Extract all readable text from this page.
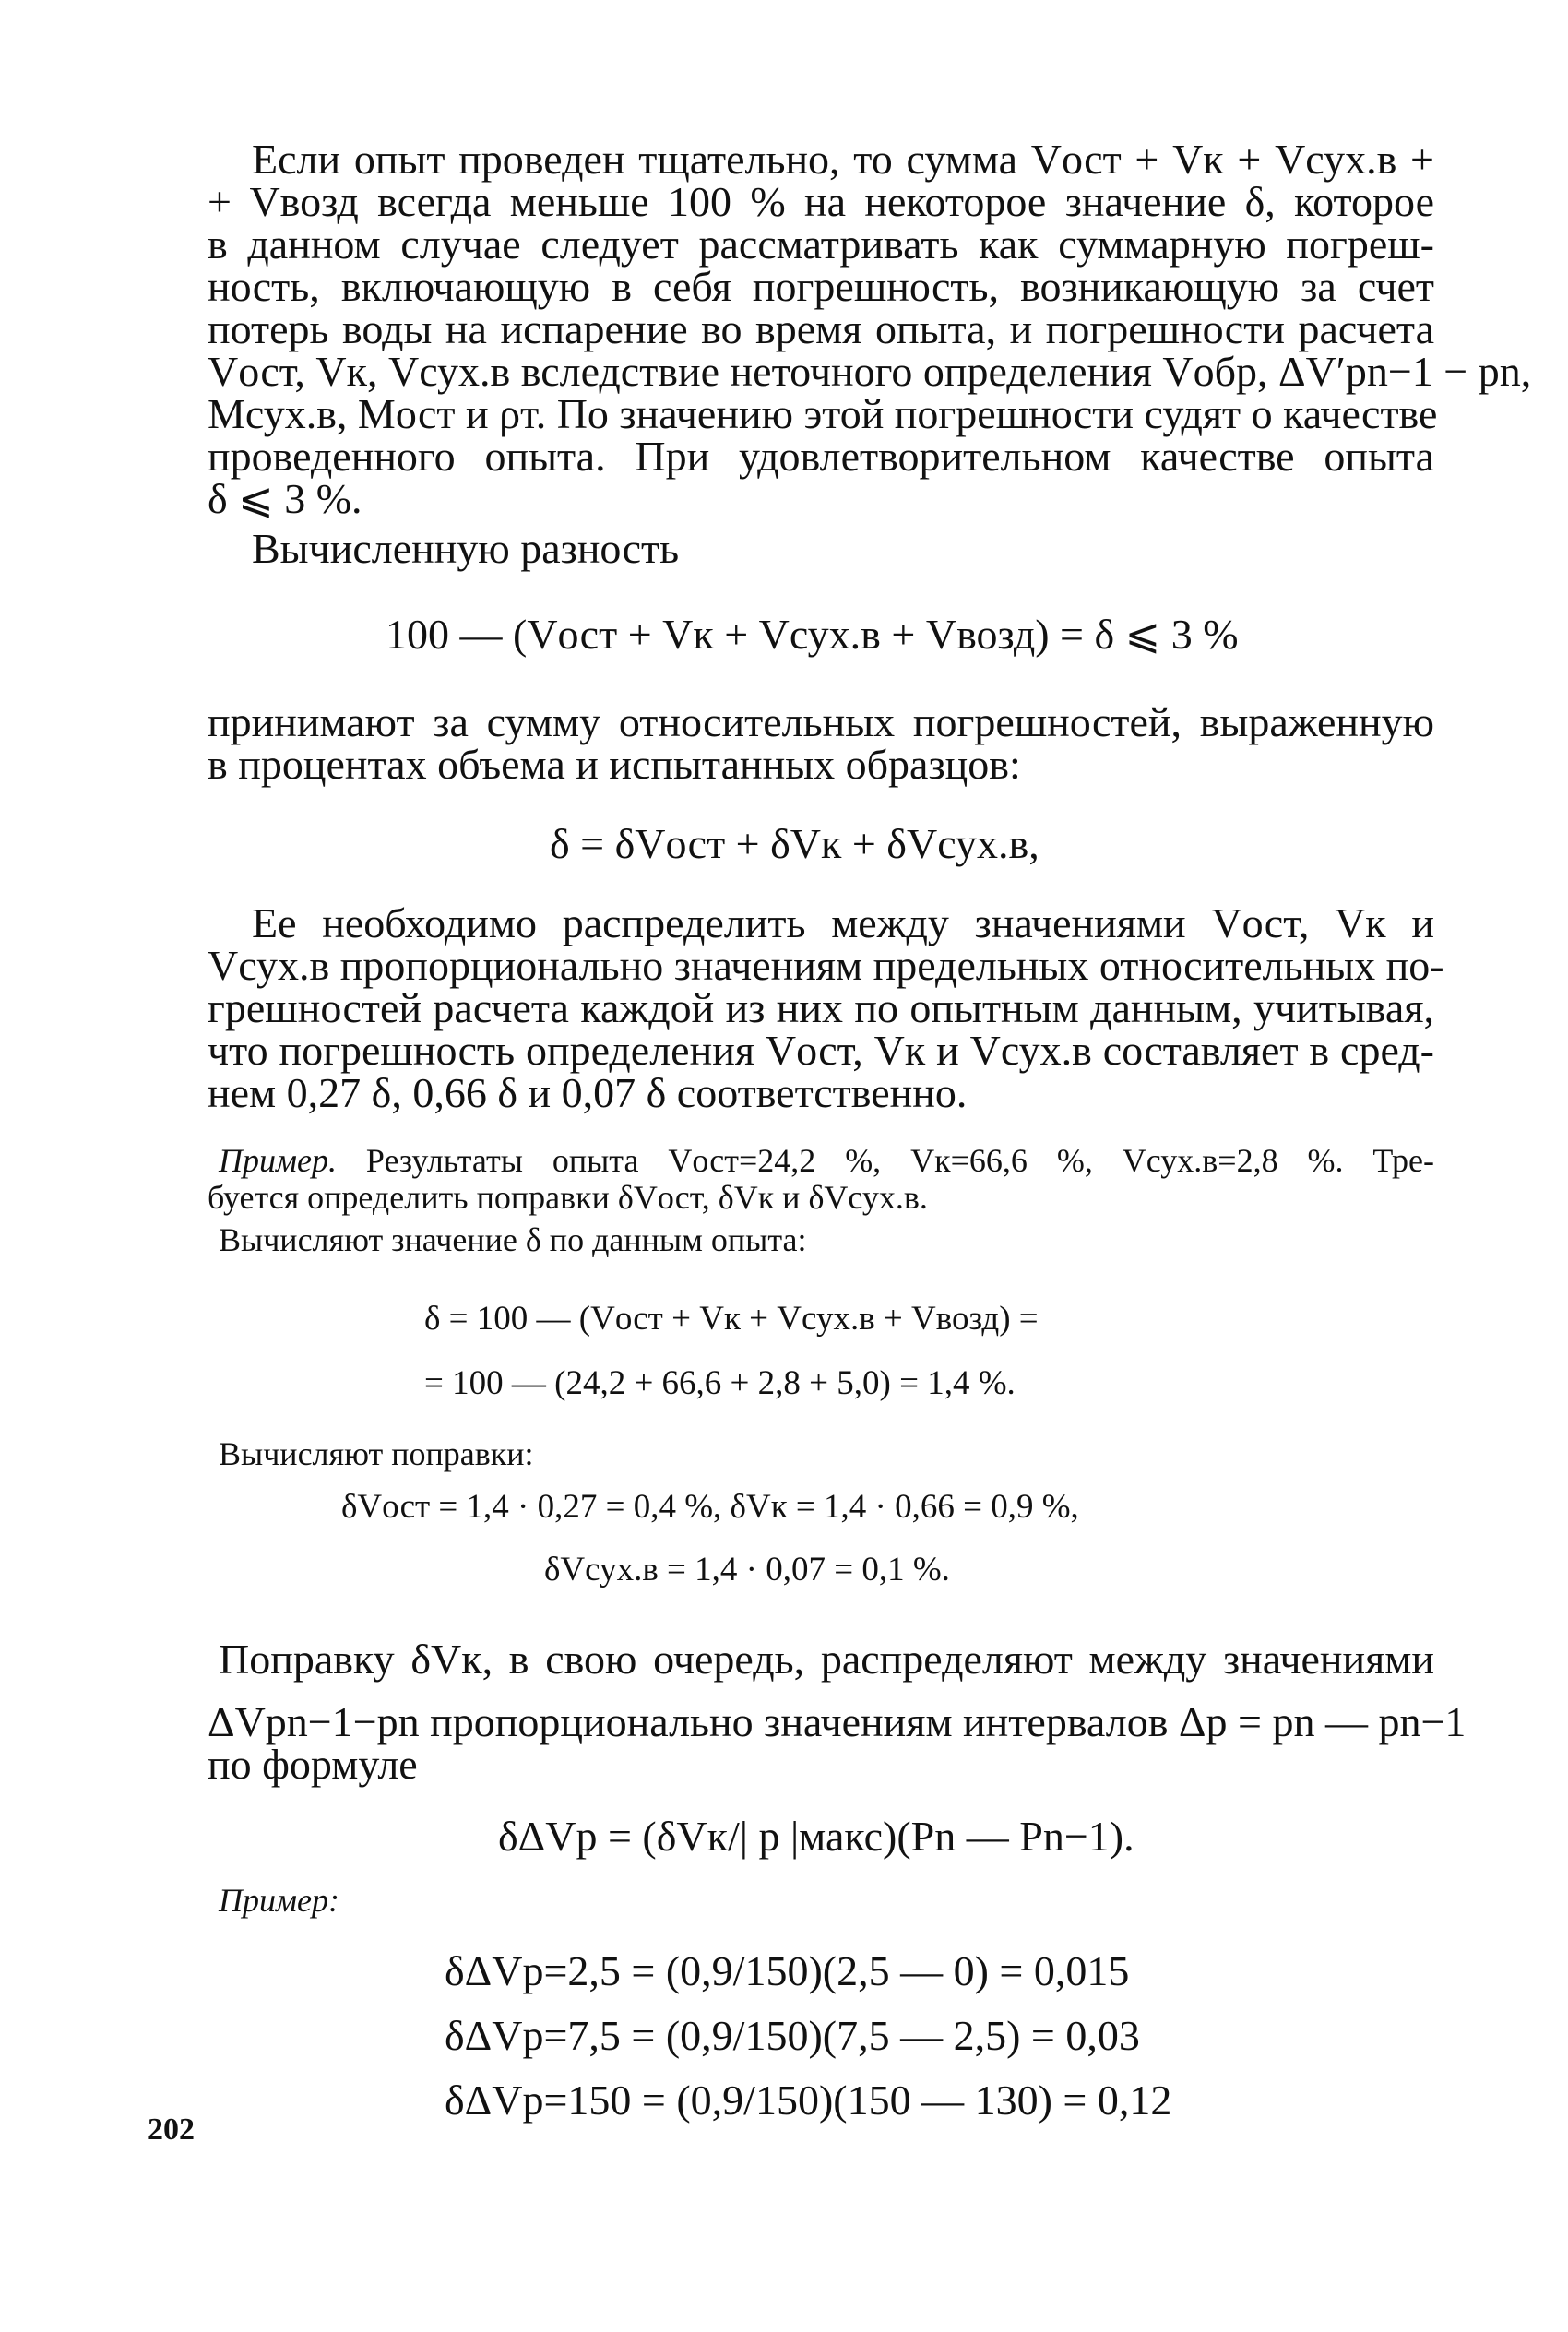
Если опыт проведен тщательно, то сумма Vост + Vк + Vсух.в +
+ Vвозд всегда меньше 100 % на некоторое значение δ, которое
в данном случае следует рассматривать как суммарную погреш-
ность, включающую в себя погрешность, возникающую за счет
потерь воды на испарение во время опыта, и погрешности расчета
Vост, Vк, Vсух.в вследствие неточного определения Vобр, ΔV′pn−1 − pn,
Mсух.в, Mост и ρт. По значению этой погрешности судят о качестве
проведенного опыта. При удовлетворительном качестве опыта
δ ⩽ 3 %.
Вычисленную разность
100 — (Vост + Vк + Vсух.в + Vвозд) = δ ⩽ 3 %
принимают за сумму относительных погрешностей, выраженную
в процентах объема и испытанных образцов:
δ = δVост + δVк + δVсух.в,
Ее необходимо распределить между значениями Vост, Vк и
Vсух.в пропорционально значениям предельных относительных по-
грешностей расчета каждой из них по опытным данным, учитывая,
что погрешность определения Vост, Vк и Vсух.в составляет в сред-
нем 0,27 δ, 0,66 δ и 0,07 δ соответственно.
Пример. Результаты опыта Vост=24,2 %, Vк=66,6 %, Vсух.в=2,8 %. Тре-
буется определить поправки δVост, δVк и δVсух.в.
Вычисляют значение δ по данным опыта:
δ = 100 — (Vост + Vк + Vсух.в + Vвозд) =
= 100 — (24,2 + 66,6 + 2,8 + 5,0) = 1,4 %.
Вычисляют поправки:
δVост = 1,4 · 0,27 = 0,4 %, δVк = 1,4 · 0,66 = 0,9 %,
δVсух.в = 1,4 · 0,07 = 0,1 %.
Поправку δVк, в свою очередь, распределяют между значениями
ΔVpn−1−pn пропорционально значениям интервалов Δp = pn — pn−1
по формуле
δΔVp = (δVк/| p |макс)(Pn — Pn−1).
Пример:
δΔVp=2,5 = (0,9/150)(2,5 — 0) = 0,015
δΔVp=7,5 = (0,9/150)(7,5 — 2,5) = 0,03
δΔVp=150 = (0,9/150)(150 — 130) = 0,12
202
